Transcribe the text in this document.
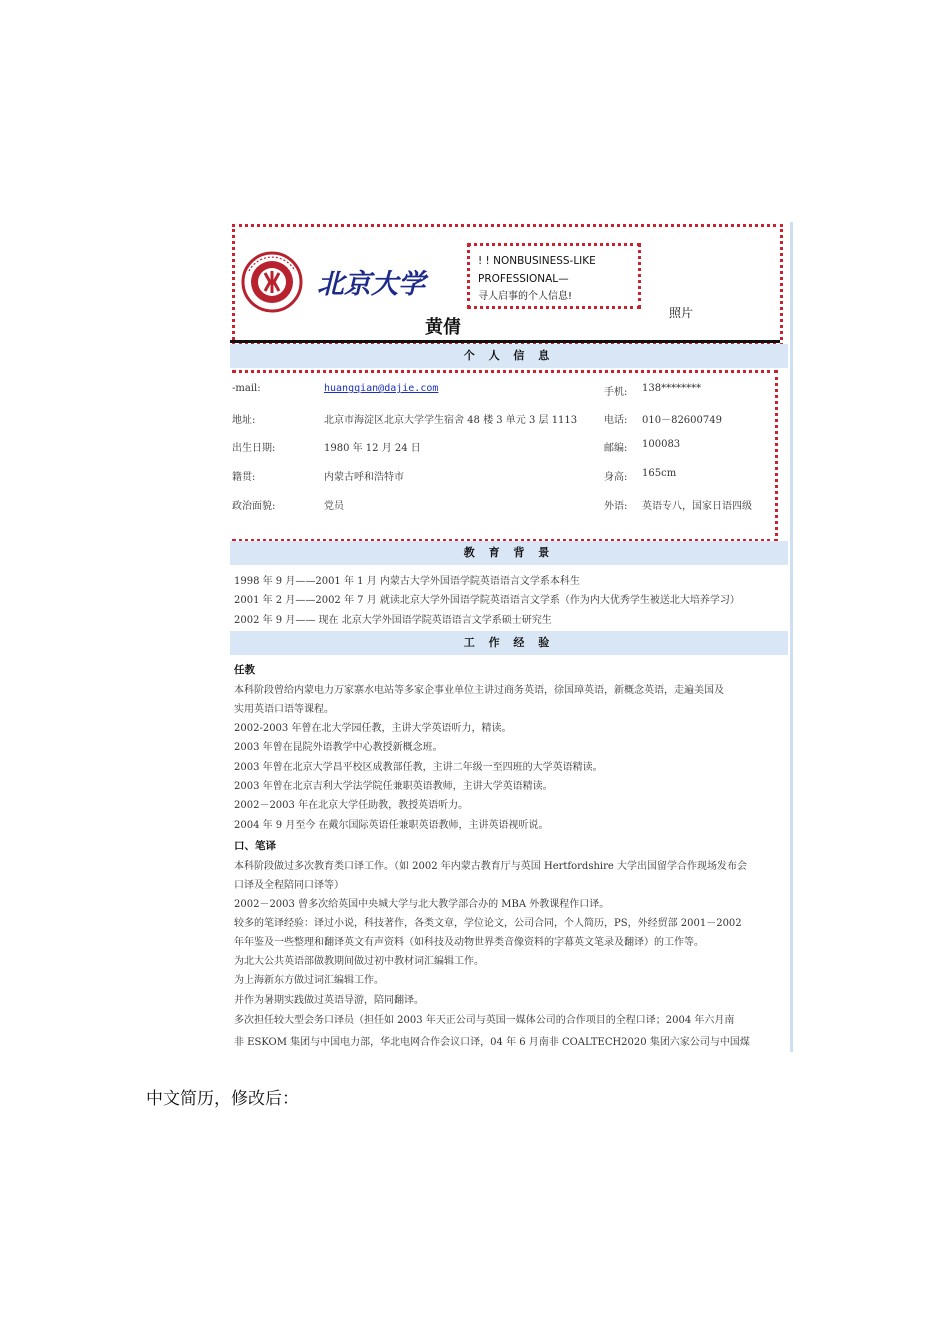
北京大学
黄倩
! ! NONBUSINESS-LIKE
PROFESSIONAL—
寻人启事的个人信息!
照片
个 人 信 息
-mail:	huangqian@dajie.com	手机: 138********
地址:	北京市海淀区北京大学学生宿舍 48 楼 3 单元 3 层 1113	电话: 010－82600749
出生日期:	1980 年 12 月 24 日	邮编: 100083
籍贯:	内蒙古呼和浩特市	身高: 165cm
政治面貌:	党员	外语: 英语专八，国家日语四级
教 育 背 景
1998 年 9 月——2001 年 1 月 内蒙古大学外国语学院英语语言文学系本科生
2001 年 2 月——2002 年 7 月 就读北京大学外国语学院英语语言文学系（作为内大优秀学生被送北大培养学习）
2002 年 9 月—— 现在 北京大学外国语学院英语语言文学系硕士研究生
工 作 经 验
任教
本科阶段曾给内蒙电力万家寨水电站等多家企事业单位主讲过商务英语，徐国璋英语，新概念英语，走遍美国及
实用英语口语等课程。
2002-2003 年曾在北大学园任教，主讲大学英语听力，精读。
2003 年曾在昆院外语教学中心教授新概念班。
2003 年曾在北京大学昌平校区成教部任教，主讲二年级一至四班的大学英语精读。
2003 年曾在北京吉利大学法学院任兼职英语教师，主讲大学英语精读。
2002－2003 年在北京大学任助教，教授英语听力。
2004 年 9 月至今 在戴尔国际英语任兼职英语教师，主讲英语视听说。
口、笔译
本科阶段做过多次教育类口译工作。（如 2002 年内蒙古教育厅与英国 Hertfordshire 大学出国留学合作现场发布会
口译及全程陪同口译等）
2002－2003 曾多次给英国中央城大学与北大教学部合办的 MBA 外教课程作口译。
较多的笔译经验：译过小说，科技著作，各类文章，学位论文，公司合同，个人简历，PS，外经贸部 2001－2002
年年鉴及一些整理和翻译英文有声资料（如科技及动物世界类音像资料的字幕英文笔录及翻译）的工作等。
为北大公共英语部做教期间做过初中教材词汇编辑工作。
为上海新东方做过词汇编辑工作。
并作为暑期实践做过英语导游，陪同翻译。
多次担任较大型会务口译员（担任如 2003 年天正公司与英国一媒体公司的合作项目的全程口译；2004 年六月南
非 ESKOM 集团与中国电力部，华北电网合作会议口译，04 年 6 月南非 COALTECH2020 集团六家公司与中国煤
中文简历，修改后：
